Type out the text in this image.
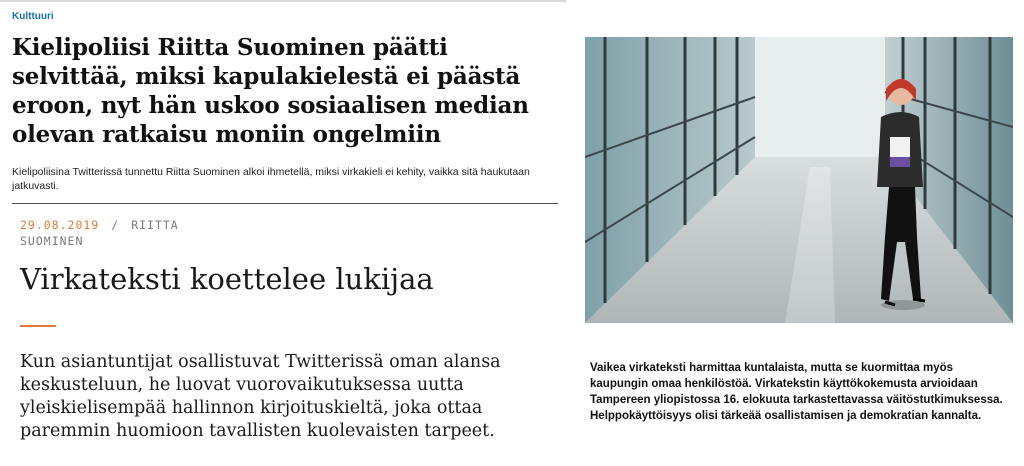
Kulttuuri
Kielipoliisi Riitta Suominen päätti selvittää, miksi kapulakielestä ei päästä eroon, nyt hän uskoo sosiaalisen median olevan ratkaisu moniin ongelmiin

Kielipoliisina Twitterissä tunnettu Riitta Suominen alkoi ihmetellä, miksi virkakieli ei kehity, vaikka sitä haukutaan jatkuvasti.

29.08.2019 / RIITTA SUOMINEN
Virkateksti koettelee lukijaa

Kun asiantuntijat osallistuvat Twitterissä oman alansa keskusteluun, he luovat vuorovaikutuksessa uutta yleiskielisempää hallinnon kirjoituskieltä, joka ottaa paremmin huomioon tavallisten kuolevaisten tarpeet.

Vaikea virkateksti harmittaa kuntalaista, mutta se kuormittaa myös kaupungin omaa henkilöstöä. Virkatekstin käyttökokemusta arvioidaan Tampereen yliopistossa 16. elokuuta tarkastettavassa väitöstutkimuksessa. Helppokäyttöisyys olisi tärkeää osallistamisen ja demokratian kannalta.
